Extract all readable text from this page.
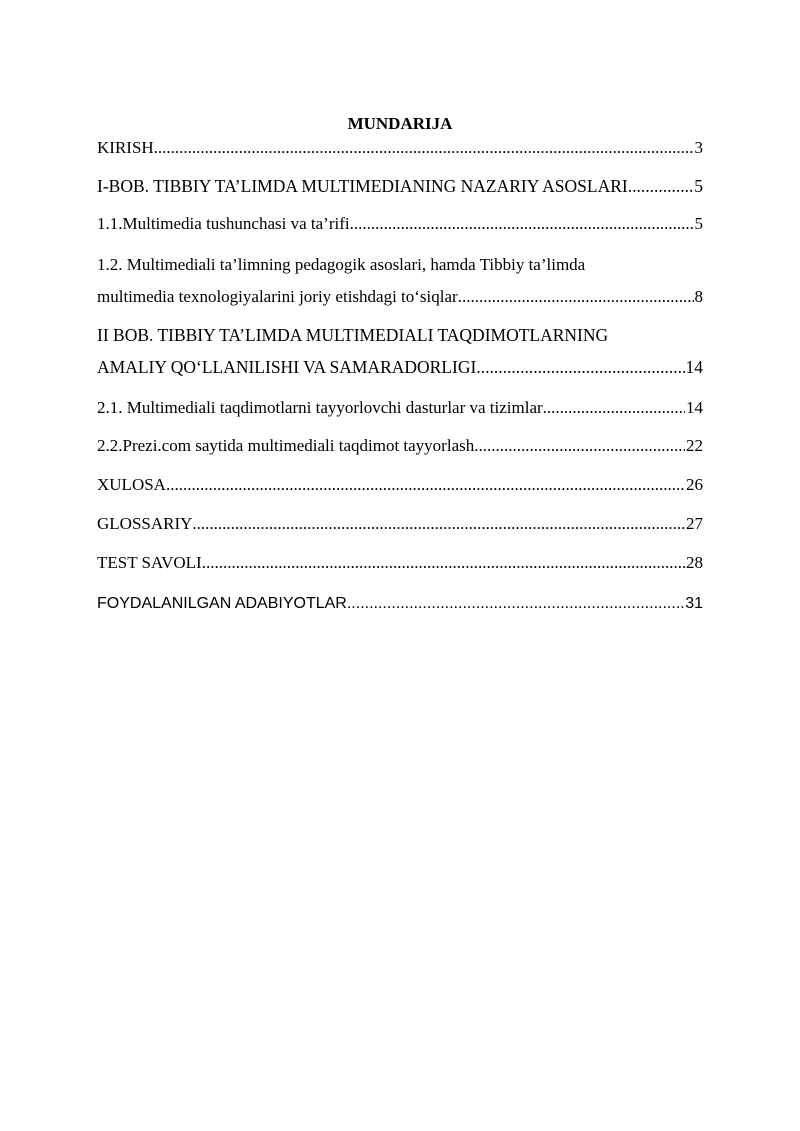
MUNDARIJA
KIRISH .....	3
I-BOB. TIBBIY TA’LIMDA MULTIMEDIANING NAZARIY ASOSLARI .....	5
1.1.Multimedia tushunchasi va ta’rifi .....	5
1.2. Multimediali ta’limning pedagogik asoslari, hamda Tibbiy ta’limda
multimedia texnologiyalarini joriy etishdagi to‘siqlar .....	8
II BOB. TIBBIY TA’LIMDA MULTIMEDIALI TAQDIMOTLARNING
AMALIY QO‘LLANILISHI VA SAMARADORLIGI .....	14
2.1. Multimediali taqdimotlarni tayyorlovchi dasturlar va tizimlar .....	14
2.2.Prezi.com saytida multimediali taqdimot tayyorlash .....	22
XULOSA .....	26
GLOSSARIY .....	27
TEST SAVOLI .....	28
FOYDALANILGAN ADABIYOTLAR .....	31
